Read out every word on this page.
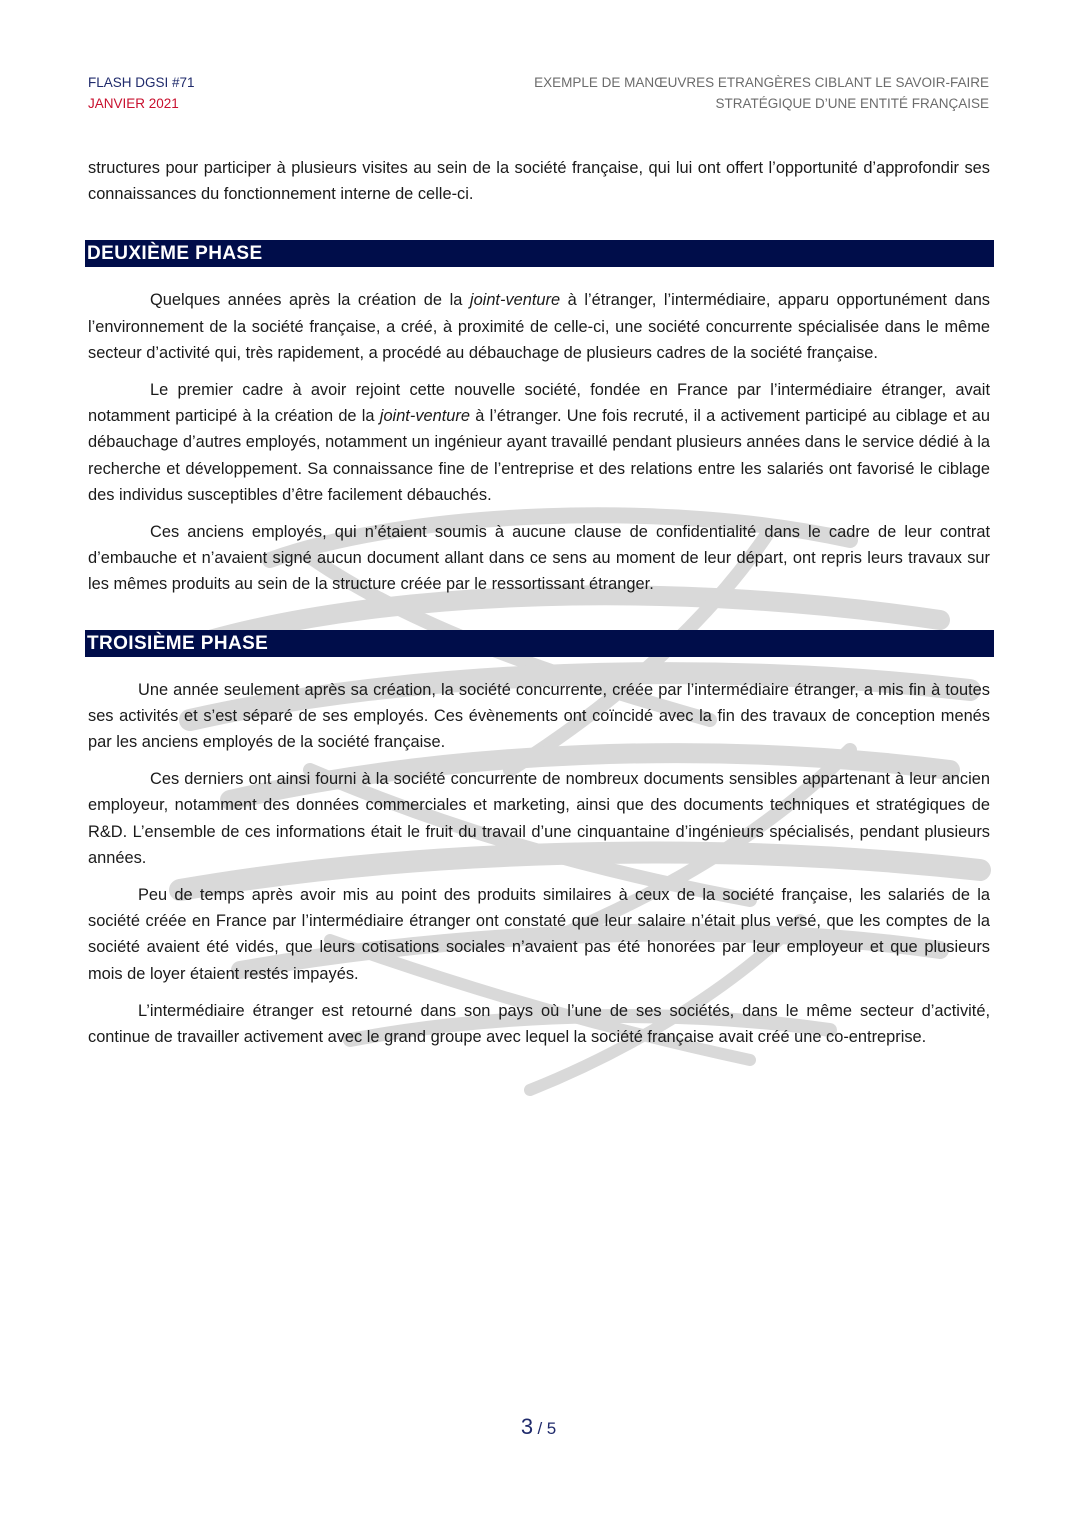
FLASH DGSI #71
JANVIER 2021
EXEMPLE DE MANŒUVRES ETRANGÈRES CIBLANT LE SAVOIR-FAIRE
STRATÉGIQUE D’UNE ENTITÉ FRANÇAISE

structures pour participer à plusieurs visites au sein de la société française, qui lui ont offert l’opportunité d’approfondir ses connaissances du fonctionnement interne de celle-ci.

DEUXIÈME PHASE

Quelques années après la création de la joint-venture à l’étranger, l’intermédiaire, apparu opportunément dans l’environnement de la société française, a créé, à proximité de celle-ci, une société concurrente spécialisée dans le même secteur d’activité qui, très rapidement, a procédé au débauchage de plusieurs cadres de la société française.

Le premier cadre à avoir rejoint cette nouvelle société, fondée en France par l’intermédiaire étranger, avait notamment participé à la création de la joint-venture à l’étranger. Une fois recruté, il a activement participé au ciblage et au débauchage d’autres employés, notamment un ingénieur ayant travaillé pendant plusieurs années dans le service dédié à la recherche et développement. Sa connaissance fine de l’entreprise et des relations entre les salariés ont favorisé le ciblage des individus susceptibles d’être facilement débauchés.

Ces anciens employés, qui n’étaient soumis à aucune clause de confidentialité dans le cadre de leur contrat d’embauche et n’avaient signé aucun document allant dans ce sens au moment de leur départ, ont repris leurs travaux sur les mêmes produits au sein de la structure créée par le ressortissant étranger.

TROISIÈME PHASE

Une année seulement après sa création, la société concurrente, créée par l’intermédiaire étranger, a mis fin à toutes ses activités et s’est séparé de ses employés. Ces évènements ont coïncidé avec la fin des travaux de conception menés par les anciens employés de la société française.

Ces derniers ont ainsi fourni à la société concurrente de nombreux documents sensibles appartenant à leur ancien employeur, notamment des données commerciales et marketing, ainsi que des documents techniques et stratégiques de R&D. L’ensemble de ces informations était le fruit du travail d’une cinquantaine d’ingénieurs spécialisés, pendant plusieurs années.

Peu de temps après avoir mis au point des produits similaires à ceux de la société française, les salariés de la société créée en France par l’intermédiaire étranger ont constaté que leur salaire n’était plus versé, que les comptes de la société avaient été vidés, que leurs cotisations sociales n’avaient pas été honorées par leur employeur et que plusieurs mois de loyer étaient restés impayés.

L’intermédiaire étranger est retourné dans son pays où l’une de ses sociétés, dans le même secteur d’activité, continue de travailler activement avec le grand groupe avec lequel la société française avait créé une co-entreprise.

3 / 5
